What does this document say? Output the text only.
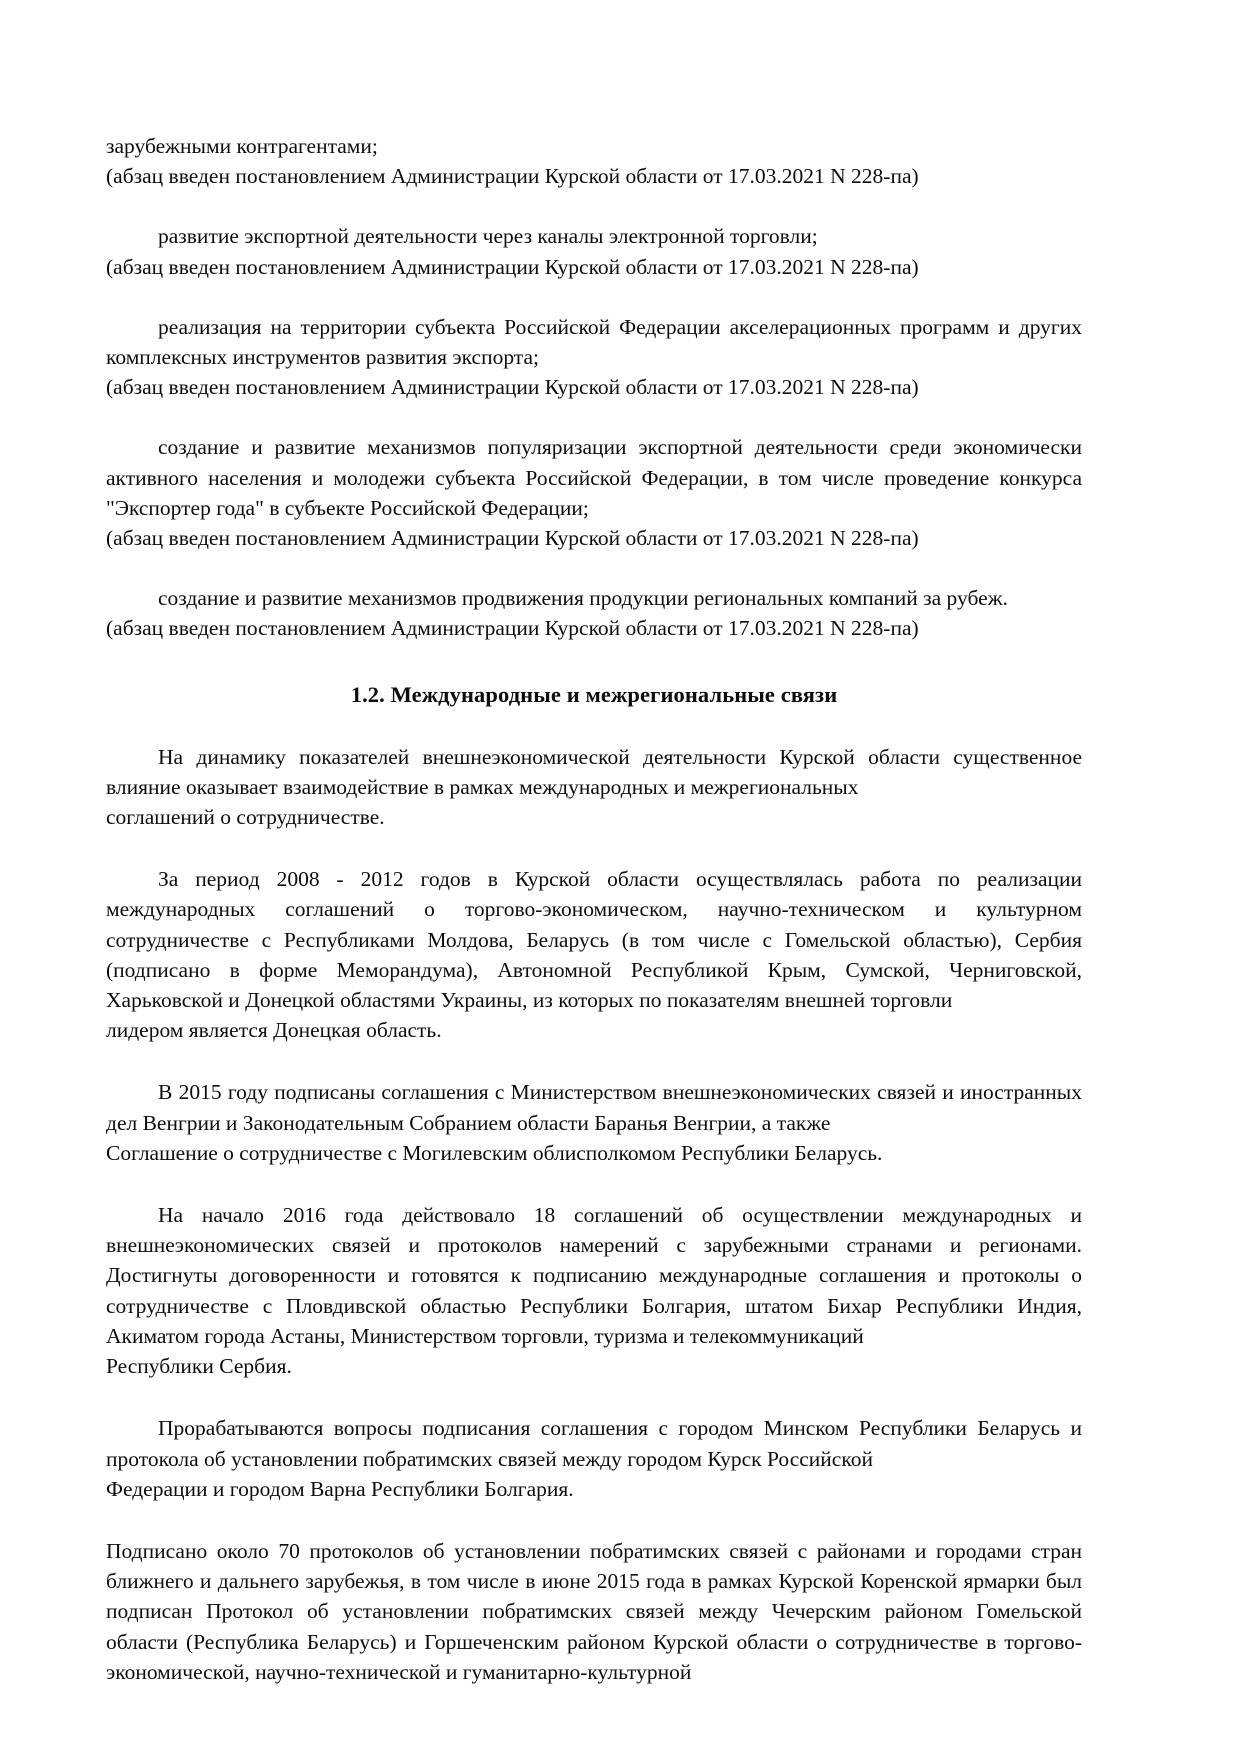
зарубежными контрагентами;

(абзац введен постановлением Администрации Курской области от 17.03.2021 N 228-па)

развитие экспортной деятельности через каналы электронной торговли;

(абзац введен постановлением Администрации Курской области от 17.03.2021 N 228-па)

реализация на территории субъекта Российской Федерации акселерационных программ и других комплексных инструментов развития экспорта;

(абзац введен постановлением Администрации Курской области от 17.03.2021 N 228-па)

создание и развитие механизмов популяризации экспортной деятельности среди экономически активного населения и молодежи субъекта Российской Федерации, в том числе проведение конкурса "Экспортер года" в субъекте Российской Федерации;

(абзац введен постановлением Администрации Курской области от 17.03.2021 N 228-па)

создание и развитие механизмов продвижения продукции региональных компаний за рубеж.

(абзац введен постановлением Администрации Курской области от 17.03.2021 N 228-па)

1.2. Международные и межрегиональные связи

На динамику показателей внешнеэкономической деятельности Курской области существенное влияние оказывает взаимодействие в рамках международных и межрегиональных

соглашений о сотрудничестве.

За период 2008 - 2012 годов в Курской области осуществлялась работа по реализации международных соглашений о торгово-экономическом, научно-техническом и культурном сотрудничестве с Республиками Молдова, Беларусь (в том числе с Гомельской областью), Сербия (подписано в форме Меморандума), Автономной Республикой Крым, Сумской, Черниговской, Харьковской и Донецкой областями Украины, из которых по показателям внешней торговли

лидером является Донецкая область.

В 2015 году подписаны соглашения с Министерством внешнеэкономических связей и иностранных дел Венгрии и Законодательным Собранием области Баранья Венгрии, а также

Соглашение о сотрудничестве с Могилевским облисполкомом Республики Беларусь.

На начало 2016 года действовало 18 соглашений об осуществлении международных и внешнеэкономических связей и протоколов намерений с зарубежными странами и регионами. Достигнуты договоренности и готовятся к подписанию международные соглашения и протоколы о сотрудничестве с Пловдивской областью Республики Болгария, штатом Бихар Республики Индия, Акиматом города Астаны, Министерством торговли, туризма и телекоммуникаций

Республики Сербия.

Прорабатываются вопросы подписания соглашения с городом Минском Республики Беларусь и протокола об установлении побратимских связей между городом Курск Российской

Федерации и городом Варна Республики Болгария.

Подписано около 70 протоколов об установлении побратимских связей с районами и городами стран ближнего и дальнего зарубежья, в том числе в июне 2015 года в рамках Курской Коренской ярмарки был подписан Протокол об установлении побратимских связей между Чечерским районом Гомельской области (Республика Беларусь) и Горшеченским районом Курской области о сотрудничестве в торгово-экономической, научно-технической и гуманитарно-культурной
